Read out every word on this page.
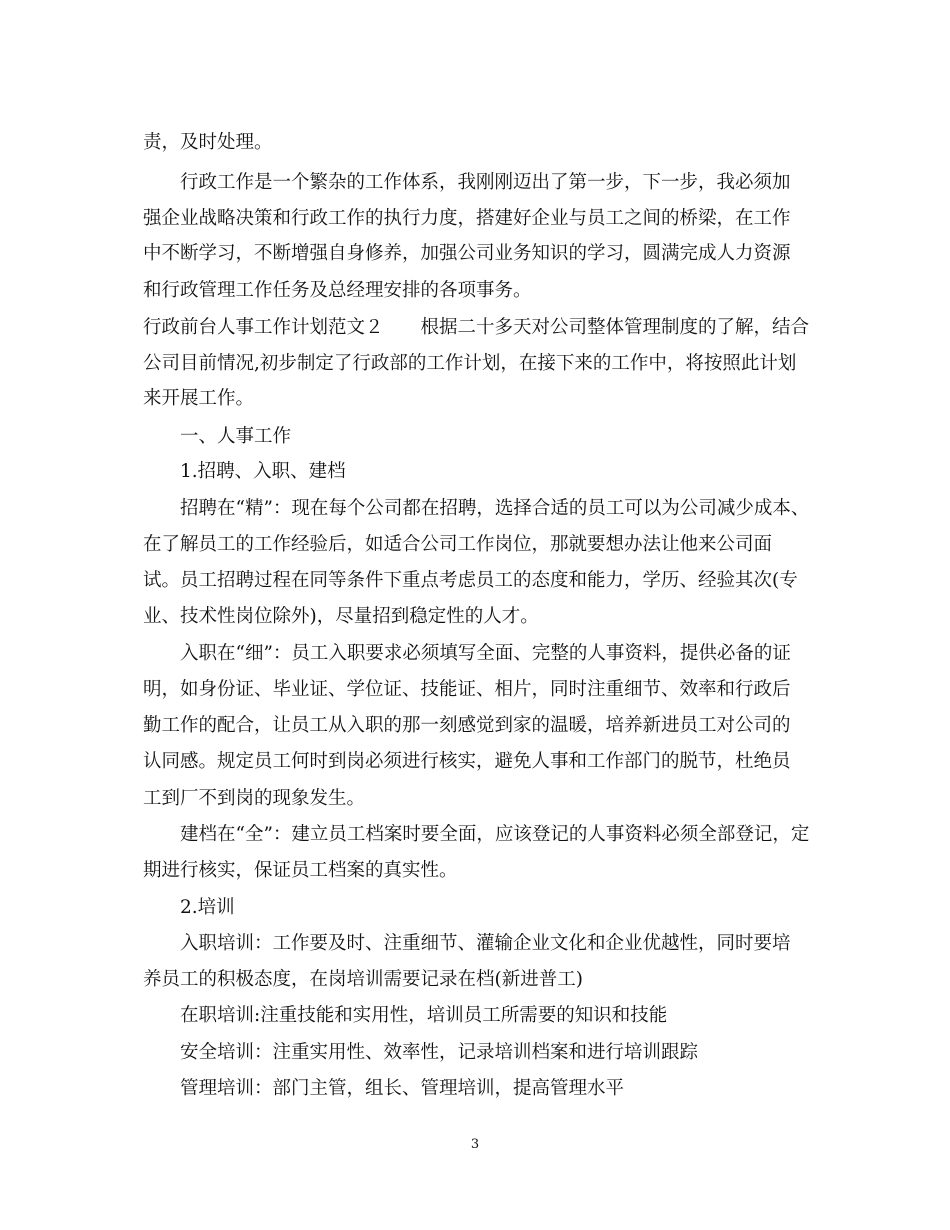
责，及时处理。
行政工作是一个繁杂的工作体系，我刚刚迈出了第一步，下一步，我必须加
强企业战略决策和行政工作的执行力度，搭建好企业与员工之间的桥梁，在工作
中不断学习，不断增强自身修养，加强公司业务知识的学习，圆满完成人力资源
和行政管理工作任务及总经理安排的各项事务。
行政前台人事工作计划范文２　　根据二十多天对公司整体管理制度的了解，结合
公司目前情况,初步制定了行政部的工作计划，在接下来的工作中，将按照此计划
来开展工作。
一、人事工作
1.招聘、入职、建档
招聘在“精”：现在每个公司都在招聘，选择合适的员工可以为公司减少成本、
在了解员工的工作经验后，如适合公司工作岗位，那就要想办法让他来公司面
试。员工招聘过程在同等条件下重点考虑员工的态度和能力，学历、经验其次(专
业、技术性岗位除外)，尽量招到稳定性的人才。
入职在“细”：员工入职要求必须填写全面、完整的人事资料，提供必备的证
明，如身份证、毕业证、学位证、技能证、相片，同时注重细节、效率和行政后
勤工作的配合，让员工从入职的那一刻感觉到家的温暖，培养新进员工对公司的
认同感。规定员工何时到岗必须进行核实，避免人事和工作部门的脱节，杜绝员
工到厂不到岗的现象发生。
建档在“全”：建立员工档案时要全面，应该登记的人事资料必须全部登记，定
期进行核实，保证员工档案的真实性。
2.培训
入职培训：工作要及时、注重细节、灌输企业文化和企业优越性，同时要培
养员工的积极态度，在岗培训需要记录在档(新进普工)
在职培训:注重技能和实用性，培训员工所需要的知识和技能
安全培训：注重实用性、效率性，记录培训档案和进行培训跟踪
管理培训：部门主管，组长、管理培训，提高管理水平
3
